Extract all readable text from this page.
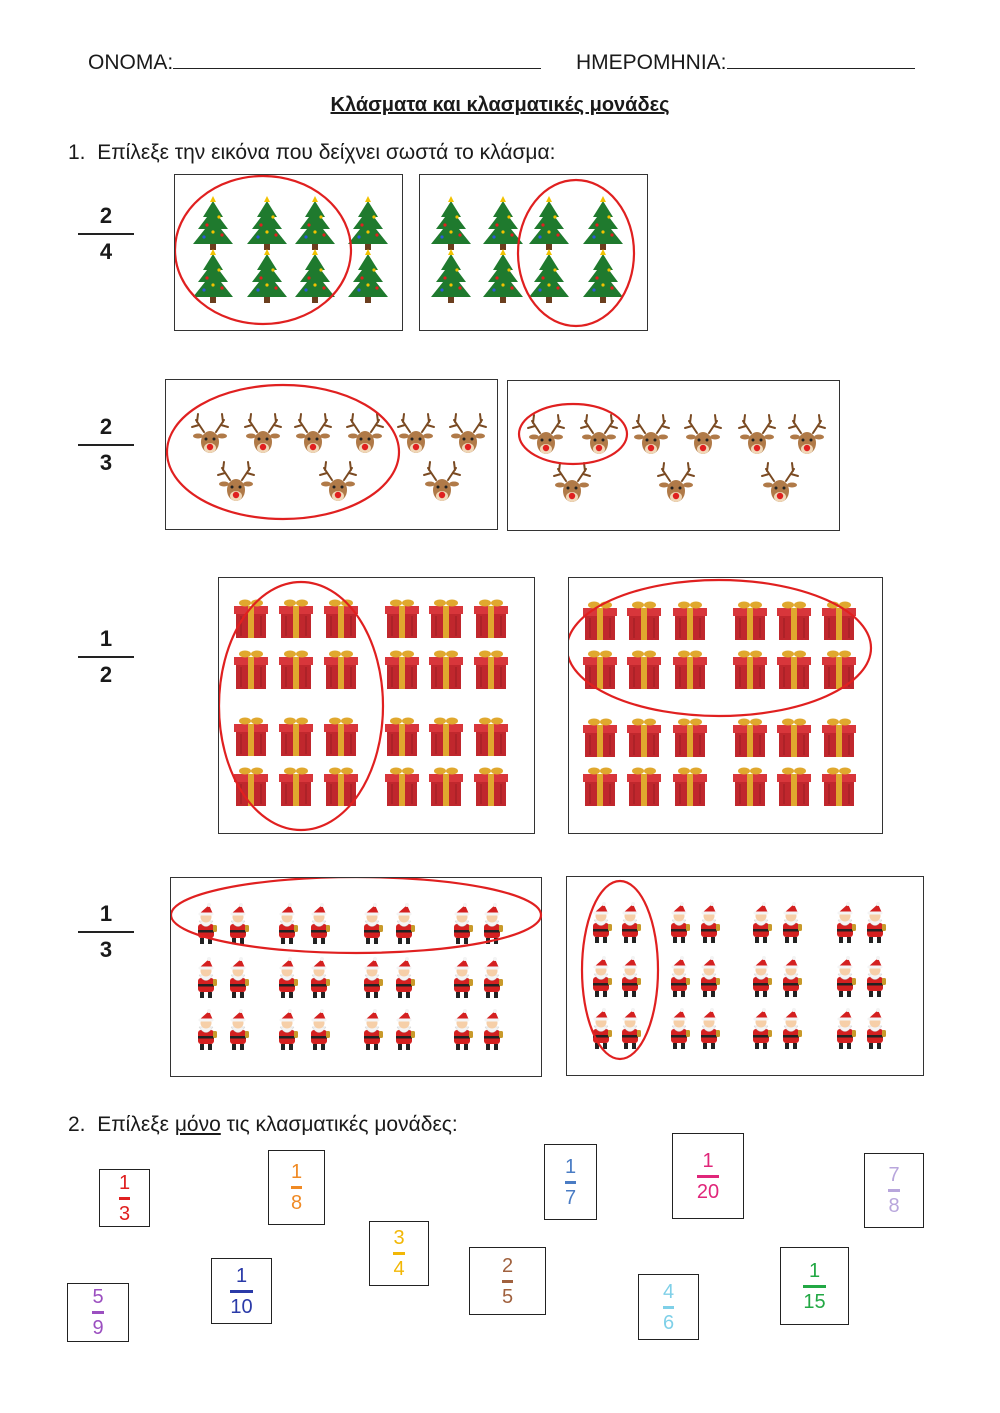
ΟΝΟΜΑ:	ΗΜΕΡΟΜΗΝΙΑ:
Κλάσματα και κλασματικές μονάδες
1. Επίλεξε την εικόνα που δείχνει σωστά το κλάσμα:
2
4
2
3
1
2
1
3
2. Επίλεξε μόνο τις κλασματικές μονάδες:
1
3
1
8
1
7
1
20
7
8
3
4	2
5
1
10
5
9
4
6
1
15
